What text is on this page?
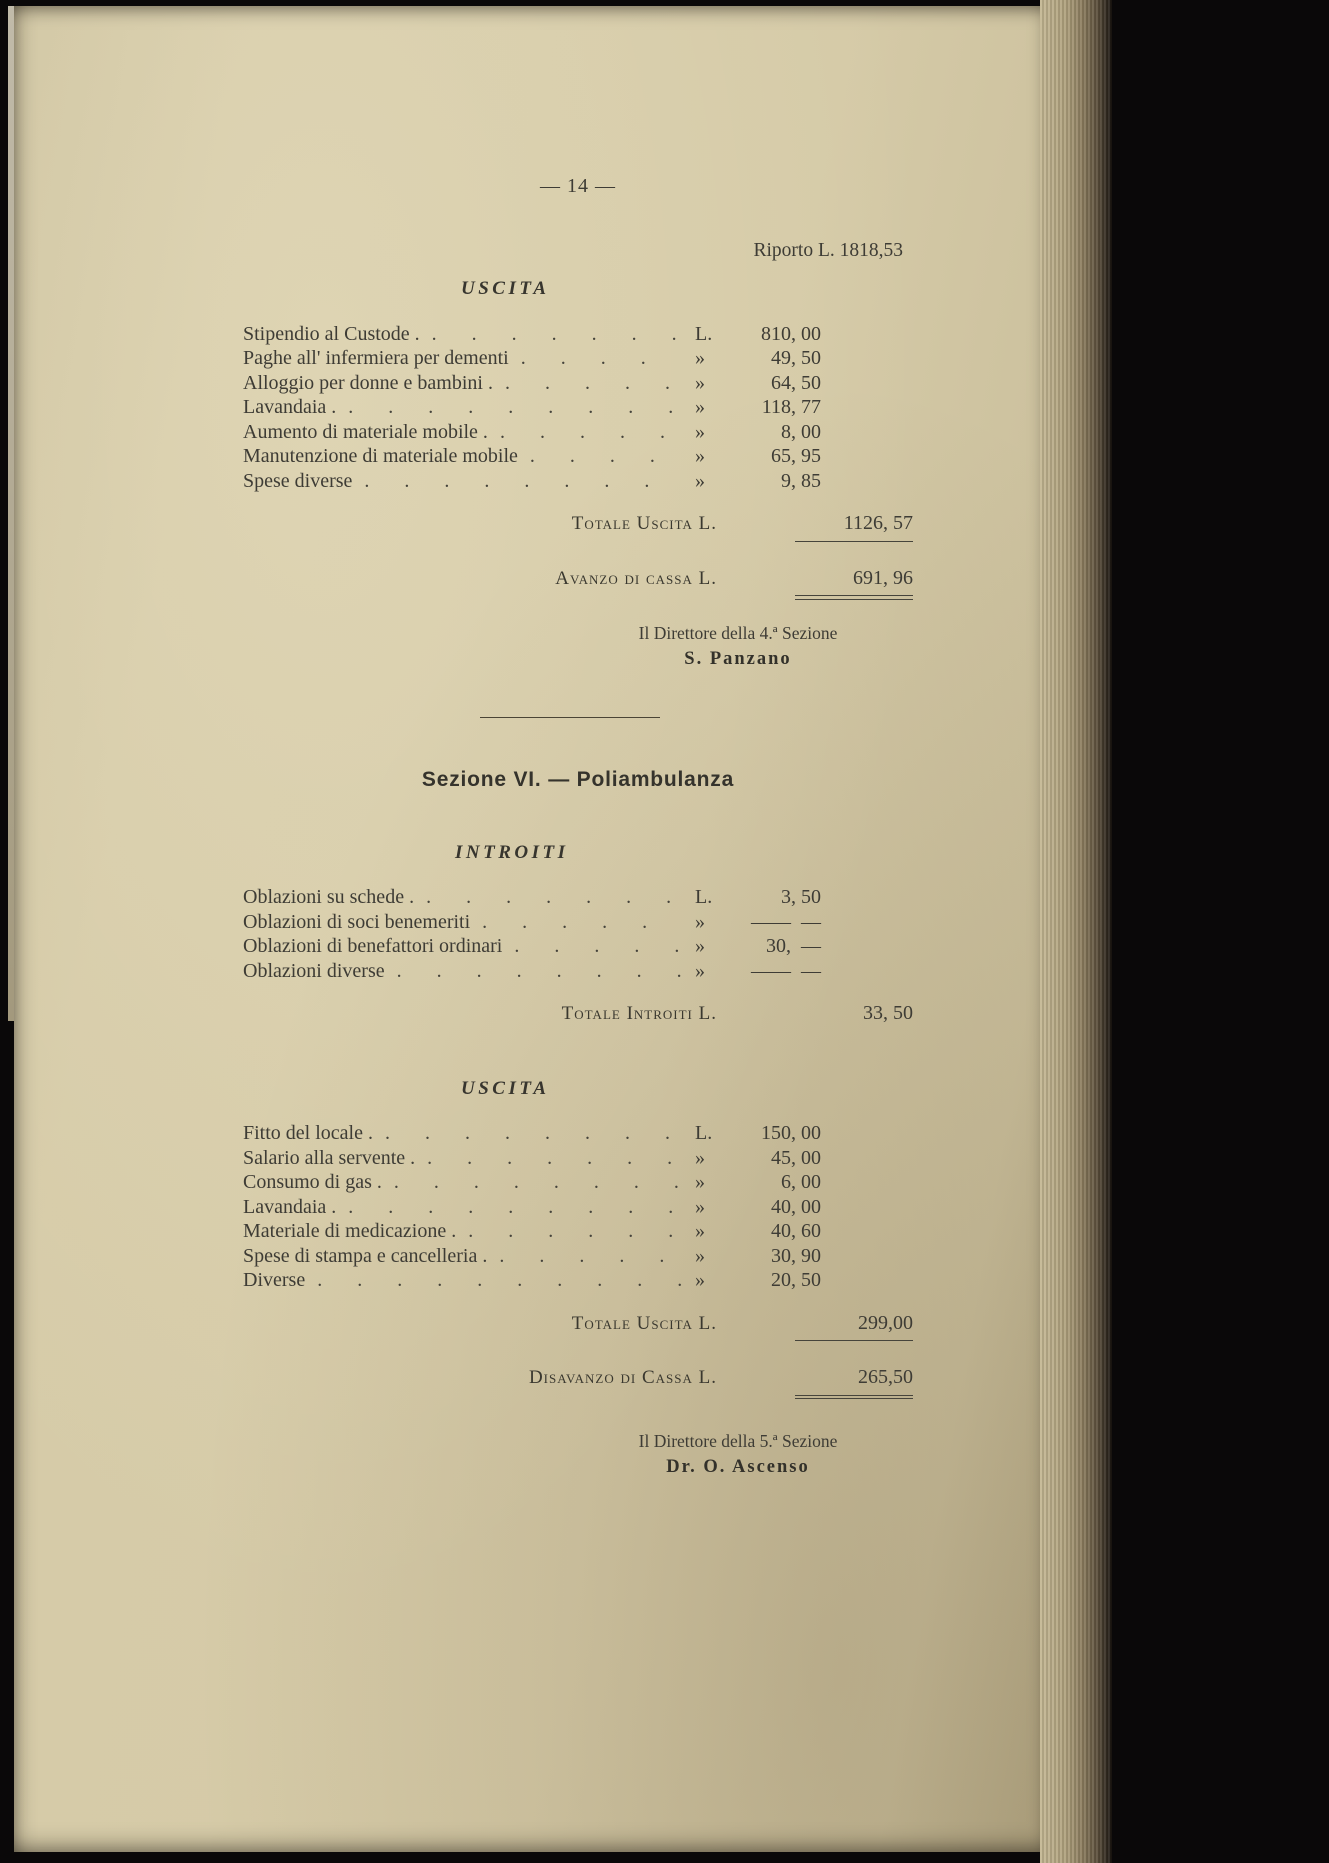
— 14 —
Riporto L. 1818,53
USCITA
Stipendio al Custode . . . .	L.	810, 00
Paghe all' infermiera per dementi . . .	»	49, 50
Alloggio per donne e bambini . . . .	»	64, 50
Lavandaia . . . .	»	118, 77
Aumento di materiale mobile . . . .	»	8, 00
Manutenzione di materiale mobile . . .	»	65, 95
Spese diverse . . .	»	9, 85
Totale Uscita L.	1126, 57
Avanzo di cassa L.	691, 96
Il Direttore della 4.ª Sezione
S. Panzano
Sezione VI. — Poliambulanza
INTROITI
Oblazioni su schede . . . .	L.	3, 50
Oblazioni di soci benemeriti . . .	»	——  —
Oblazioni di benefattori ordinari . . .	»	30,  —
Oblazioni diverse . . .	»	——  —
Totale Introiti L.	33, 50
USCITA
Fitto del locale . . . .	L.	150, 00
Salario alla servente . . . .	»	45, 00
Consumo di gas . . . .	»	6, 00
Lavandaia . . . .	»	40, 00
Materiale di medicazione . . . .	»	40, 60
Spese di stampa e cancelleria . . . .	»	30, 90
Diverse . . .	»	20, 50
Totale Uscita L.	299,00
Disavanzo di Cassa L.	265,50
Il Direttore della 5.ª Sezione
Dr. O. Ascenso
